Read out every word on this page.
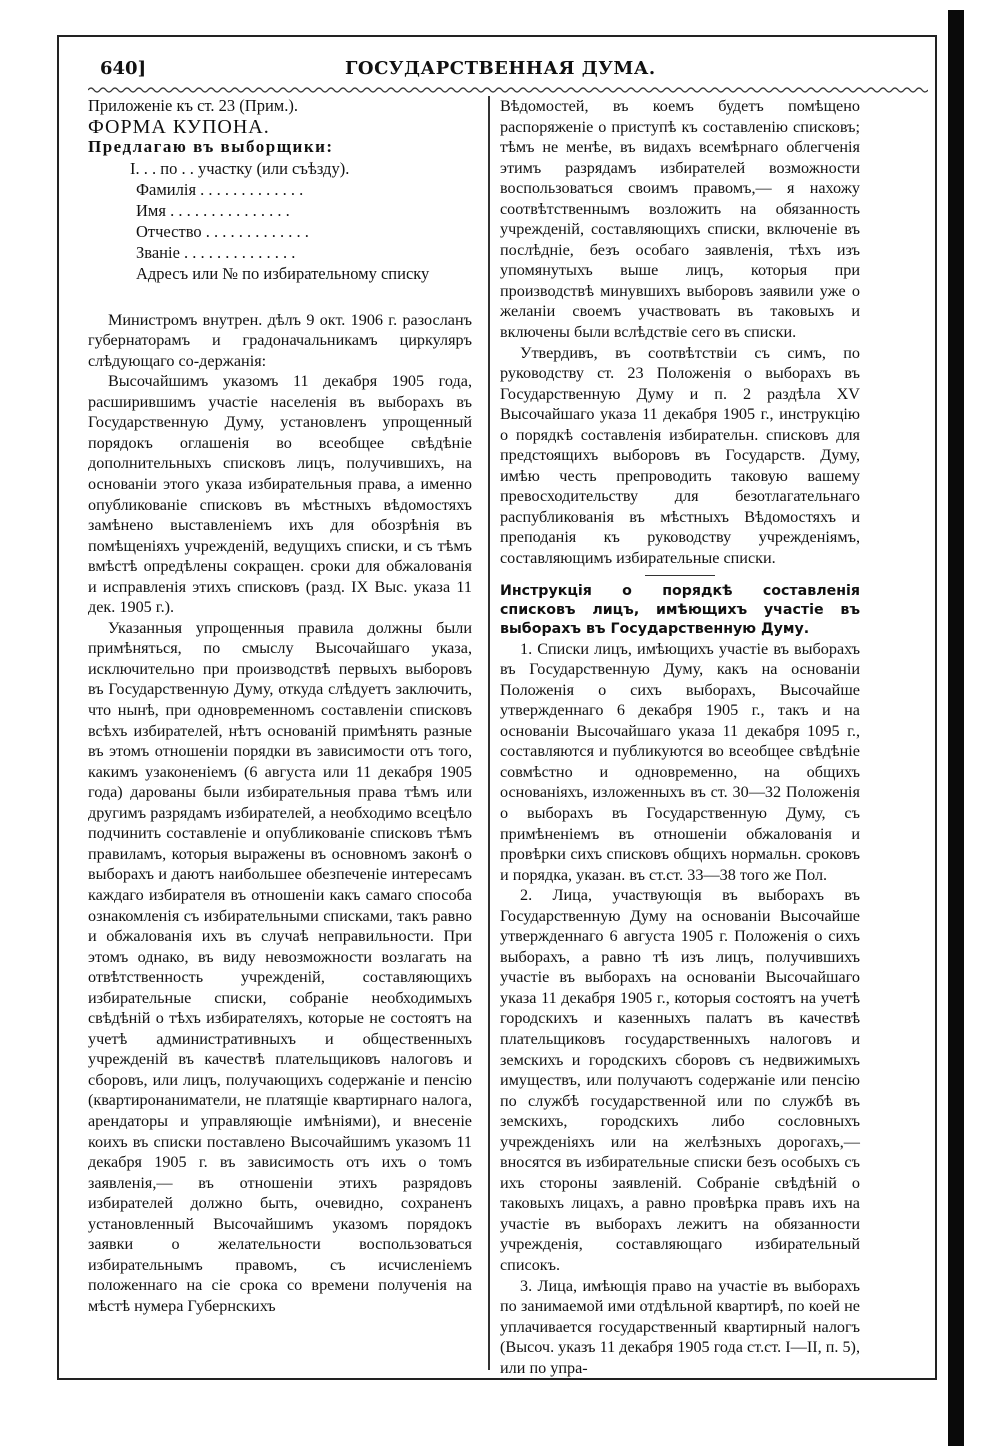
640]	ГОСУДАРСТВЕННАЯ ДУМА.

Приложеніе къ ст. 23 (Прим.).

ФОРМА КУПОНА.

Предлагаю въ выборщики:

I. . . по . . участку (или съѣзду).

Фамилія . . . . . . . . . . . . .

Имя . . . . . . . . . . . . . . .

Отчество . . . . . . . . . . . . .

Званіе . . . . . . . . . . . . . .

Адресъ или № по избирательному списку

Министромъ внутрен. дѣлъ 9 окт. 1906 г. разосланъ губернаторамъ и градоначальникамъ циркуляръ слѣдующаго со-держанія:

Высочайшимъ указомъ 11 декабря 1905 года, расширившимъ участіе населенія въ выборахъ въ Государственную Думу, установленъ упрощенный порядокъ оглашенія во всеобщее свѣдѣніе дополнительныхъ списковъ лицъ, получившихъ, на основаніи этого указа избирательныя права, а именно опубликованіе списковъ въ мѣстныхъ вѣдомостяхъ замѣнено выставленіемъ ихъ для обозрѣнія въ помѣщеніяхъ учрежденій, ведущихъ списки, и съ тѣмъ вмѣстѣ опредѣлены сокращен. сроки для обжалованія и исправленія этихъ списковъ (разд. IX Выс. указа 11 дек. 1905 г.).

Указанныя упрощенныя правила должны были примѣняться, по смыслу Высочайшаго указа, исключительно при производствѣ первыхъ выборовъ въ Государственную Думу, откуда слѣдуетъ заключить, что нынѣ, при одновременномъ составленіи списковъ всѣхъ избирателей, нѣтъ основаній примѣнять разные въ этомъ отношеніи порядки въ зависимости отъ того, какимъ узаконеніемъ (6 августа или 11 декабря 1905 года) дарованы были избирательныя права тѣмъ или другимъ разрядамъ избирателей, а необходимо всецѣло подчинить составленіе и опубликованіе списковъ тѣмъ правиламъ, которыя выражены въ основномъ законѣ о выборахъ и даютъ наибольшее обезпеченіе интересамъ каждаго избирателя въ отношеніи какъ самаго способа ознакомленія съ избирательными списками, такъ равно и обжалованія ихъ въ случаѣ неправильности. При этомъ однако, въ виду невозможности возлагать на отвѣтственность учрежденій, составляющихъ избирательные списки, собраніе необходимыхъ свѣдѣній о тѣхъ избирателяхъ, которые не состоятъ на учетѣ административныхъ и общественныхъ учрежденій въ качествѣ плательщиковъ налоговъ и сборовъ, или лицъ, получающихъ содержаніе и пенсію (квартиронаниматели, не платящіе квартирнаго налога, арендаторы и управляющіе имѣніями), и внесеніе коихъ въ списки поставлено Высочайшимъ указомъ 11 декабря 1905 г. въ зависимость отъ ихъ о томъ заявленія,— въ отношеніи этихъ разрядовъ избирателей должно быть, очевидно, сохраненъ установленный Высочайшимъ указомъ порядокъ заявки о желательности воспользоваться избирательнымъ правомъ, съ исчисленіемъ положеннаго на сіе срока со времени полученія на мѣстѣ нумера Губернскихъ

Вѣдомостей, въ коемъ будетъ помѣщено распоряженіе о приступѣ къ составленію списковъ; тѣмъ не менѣе, въ видахъ всемѣрнаго облегченія этимъ разрядамъ избирателей возможности воспользоваться своимъ правомъ,— я нахожу соотвѣтственнымъ возложить на обязанность учрежденій, составляющихъ списки, включеніе въ послѣдніе, безъ особаго заявленія, тѣхъ изъ упомянутыхъ выше лицъ, которыя при производствѣ минувшихъ выборовъ заявили уже о желаніи своемъ участвовать въ таковыхъ и включены были вслѣдствіе сего въ списки.

Утвердивъ, въ соотвѣтствіи съ симъ, по руководству ст. 23 Положенія о выборахъ въ Государственную Думу и п. 2 раздѣла XV Высочайшаго указа 11 декабря 1905 г., инструкцію о порядкѣ составленія избирательн. списковъ для предстоящихъ выборовъ въ Государств. Думу, имѣю честь препроводить таковую вашему превосходительству для безотлагательнаго распубликованія въ мѣстныхъ Вѣдомостяхъ и преподанія къ руководству учрежденіямъ, составляющимъ избирательные списки.

Инструкція о порядкѣ составленія списковъ лицъ, имѣющихъ участіе въ выборахъ въ Государственную Думу.

1. Списки лицъ, имѣющихъ участіе въ выборахъ въ Государственную Думу, какъ на основаніи Положенія о сихъ выборахъ, Высочайше утвержденнаго 6 декабря 1905 г., такъ и на основаніи Высочайшаго указа 11 декабря 1095 г., составляются и публикуются во всеобщее свѣдѣніе совмѣстно и одновременно, на общихъ основаніяхъ, изложенныхъ въ ст. 30—32 Положенія о выборахъ въ Государственную Думу, съ примѣненіемъ въ отношеніи обжалованія и провѣрки сихъ списковъ общихъ нормальн. сроковъ и порядка, указан. въ ст.ст. 33—38 того же Пол.

2. Лица, участвующія въ выборахъ въ Государственную Думу на основаніи Высочайше утвержденнаго 6 августа 1905 г. Положенія о сихъ выборахъ, а равно тѣ изъ лицъ, получившихъ участіе въ выборахъ на основаніи Высочайшаго указа 11 декабря 1905 г., которыя состоятъ на учетѣ городскихъ и казенныхъ палатъ въ качествѣ плательщиковъ государственныхъ налоговъ и земскихъ и городскихъ сборовъ съ недвижимыхъ имуществъ, или получаютъ содержаніе или пенсію по службѣ государственной или по службѣ въ земскихъ, городскихъ либо сословныхъ учрежденіяхъ или на желѣзныхъ дорогахъ,— вносятся въ избирательные списки безъ особыхъ съ ихъ стороны заявленій. Собраніе свѣдѣній о таковыхъ лицахъ, а равно провѣрка правъ ихъ на участіе въ выборахъ лежитъ на обязанности учрежденія, составляющаго избирательный списокъ.

3. Лица, имѣющія право на участіе въ выборахъ по занимаемой ими отдѣльной квартирѣ, по коей не уплачивается государственный квартирный налогъ (Высоч. указъ 11 декабря 1905 года ст.ст. I—II, п. 5), или по упра-
